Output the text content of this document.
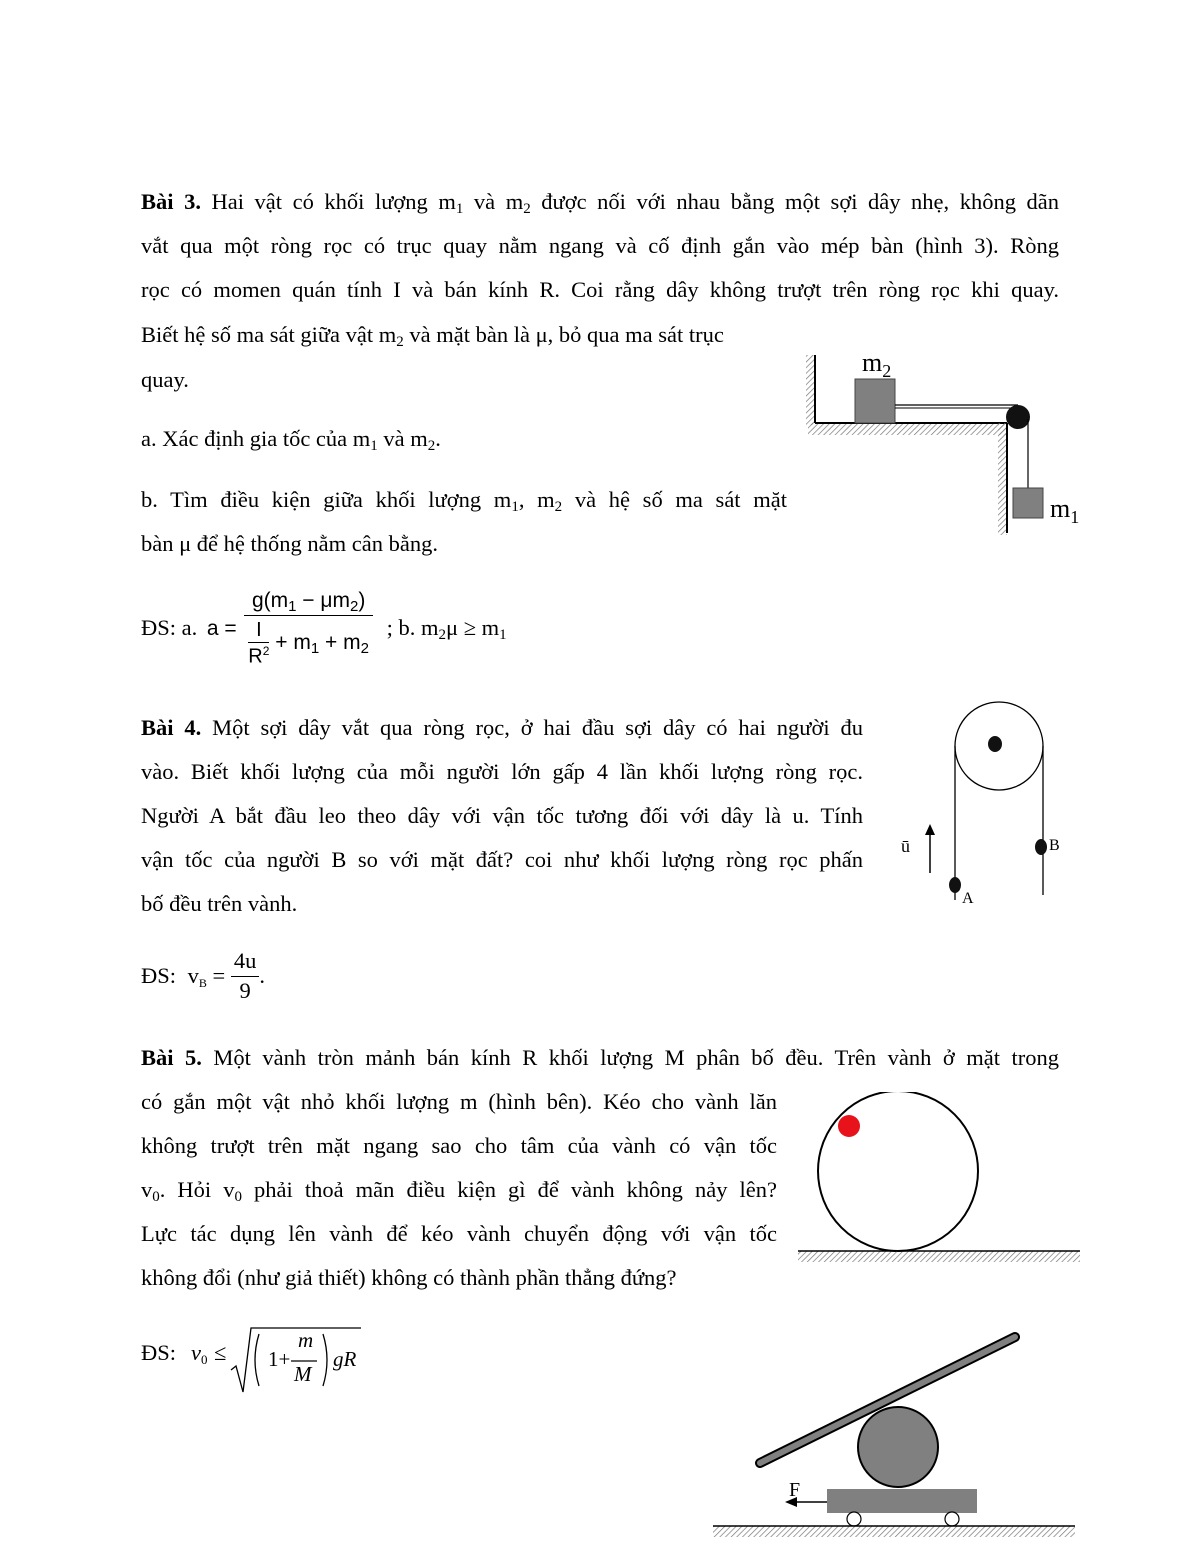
Bài 3. Hai vật có khối lượng $m_1$ và $m_2$ được nối với nhau bằng một sợi dây nhẹ, không dãn
vắt qua một ròng rọc có trục quay nằm ngang và cố định gắn vào mép bàn (hình 3). Ròng
rọc có momen quán tính I và bán kính R. Coi rằng dây không trượt trên ròng rọc khi quay.
Biết hệ số ma sát giữa vật $m_2$ và mặt bàn là μ, bỏ qua ma sát trục
quay.
a. Xác định gia tốc của $m_1$ và $m_2$.
b. Tìm điều kiện giữa khối lượng $m_1$, $m_2$ và hệ số ma sát mặt
bàn μ để hệ thống nằm cân bằng.
ĐS: a. $a = \frac{g(m_1 - \mu m_2)}{\frac{I}{R^2} + m_1 + m_2}$ ; b. $m_2\mu \ge m_1$
$m_2$
$m_1$
Bài 4. Một sợi dây vắt qua ròng rọc, ở hai đầu sợi dây có hai người đu
vào. Biết khối lượng của mỗi người lớn gấp 4 lần khối lượng ròng rọc.
Người A bắt đầu leo theo dây với vận tốc tương đối với dây là u. Tính
vận tốc của người B so với mặt đất? coi như khối lượng ròng rọc phấn
bố đều trên vành.
ĐS: $v_B = \frac{4u}{9}$ .
ū
A
B
Bài 5. Một vành tròn mảnh bán kính R khối lượng M phân bố đều. Trên vành ở mặt trong
có gắn một vật nhỏ khối lượng m (hình bên). Kéo cho vành lăn
không trượt trên mặt ngang sao cho tâm của vành có vận tốc
$v_0$. Hỏi $v_0$ phải thoả mãn điều kiện gì để vành không nảy lên?
Lực tác dụng lên vành để kéo vành chuyển động với vận tốc
không đổi (như giả thiết) không có thành phần thẳng đứng?
ĐS: $v_0 \le 1+$
m
M
gR
F
